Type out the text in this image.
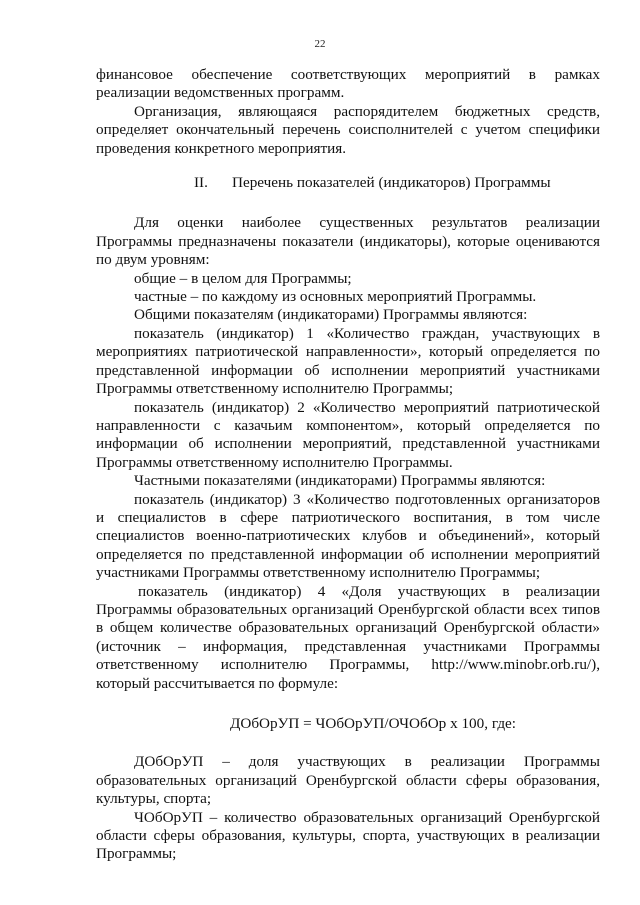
22

финансовое обеспечение соответствующих мероприятий в рамках реализации ведомственных программ.

Организация, являющаяся распорядителем бюджетных средств, определяет окончательный перечень соисполнителей с учетом специфики проведения конкретного мероприятия.

II. Перечень показателей (индикаторов) Программы

Для оценки наиболее существенных результатов реализации Программы предназначены показатели (индикаторы), которые оцениваются по двум уровням:

общие – в целом для Программы;

частные – по каждому из основных мероприятий Программы.

Общими показателям (индикаторами) Программы являются:

показатель (индикатор) 1 «Количество граждан, участвующих в мероприятиях патриотической направленности», который определяется по представленной информации об исполнении мероприятий участниками Программы ответственному исполнителю Программы;

показатель (индикатор) 2 «Количество мероприятий патриотической направленности с казачьим компонентом», который определяется по информации об исполнении мероприятий, представленной участниками Программы ответственному исполнителю Программы.

Частными показателями (индикаторами) Программы являются:

показатель (индикатор) 3 «Количество подготовленных организаторов и специалистов в сфере патриотического воспитания, в том числе специалистов военно-патриотических клубов и объединений», который определяется по представленной информации об исполнении мероприятий участниками Программы ответственному исполнителю Программы;

показатель (индикатор) 4 «Доля участвующих в реализации Программы образовательных организаций Оренбургской области всех типов в общем количестве образовательных организаций Оренбургской области» (источник – информация, представленная участниками Программы ответственному исполнителю Программы, http://www.minobr.orb.ru/), который рассчитывается по формуле:

ДОбОрУП = ЧОбОрУП/ОЧОбОр х 100, где:

ДОбОрУП – доля участвующих в реализации Программы образовательных организаций Оренбургской области сферы образования, культуры, спорта;

ЧОбОрУП – количество образовательных организаций Оренбургской области сферы образования, культуры, спорта, участвующих в реализации Программы;
